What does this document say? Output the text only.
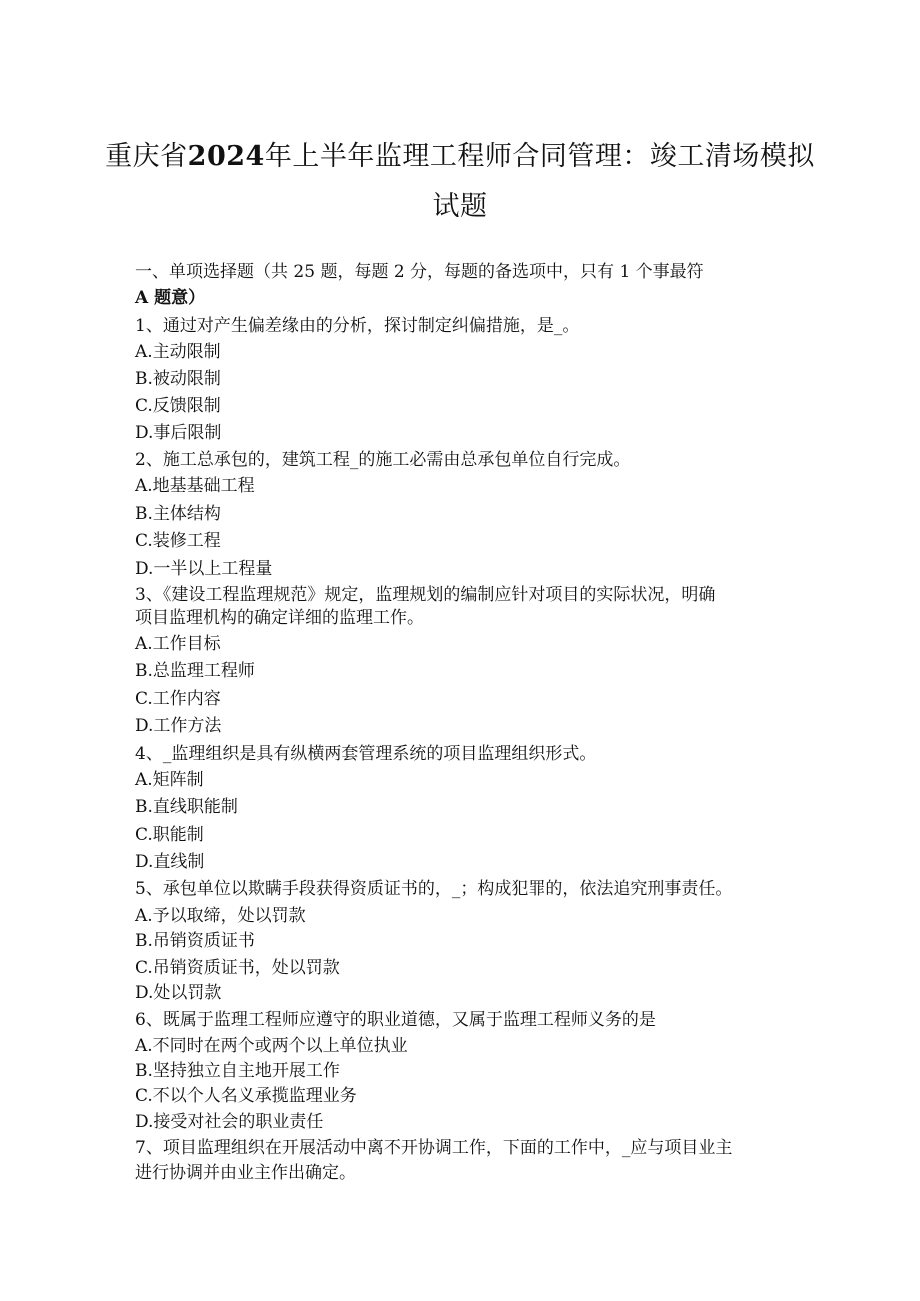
重庆省2024年上半年监理工程师合同管理：竣工清场模拟
试题

一、单项选择题（共 25 题，每题 2 分，每题的备选项中，只有 1 个事最符

A 题意）

1、通过对产生偏差缘由的分析，探讨制定纠偏措施，是_。

A.主动限制

B.被动限制

C.反馈限制

D.事后限制

2、施工总承包的，建筑工程_的施工必需由总承包单位自行完成。

A.地基基础工程

B.主体结构

C.装修工程

D.一半以上工程量

3、《建设工程监理规范》规定，监理规划的编制应针对项目的实际状况，明确

项目监理机构的确定详细的监理工作。

A.工作目标

B.总监理工程师

C.工作内容

D.工作方法

4、_监理组织是具有纵横两套管理系统的项目监理组织形式。

A.矩阵制

B.直线职能制

C.职能制

D.直线制

5、承包单位以欺瞒手段获得资质证书的，_；构成犯罪的，依法追究刑事责任。

A.予以取缔，处以罚款

B.吊销资质证书

C.吊销资质证书，处以罚款

D.处以罚款

6、既属于监理工程师应遵守的职业道德，又属于监理工程师义务的是

A.不同时在两个或两个以上单位执业

B.坚持独立自主地开展工作

C.不以个人名义承揽监理业务

D.接受对社会的职业责任

7、项目监理组织在开展活动中离不开协调工作，下面的工作中，_应与项目业主

进行协调并由业主作出确定。
